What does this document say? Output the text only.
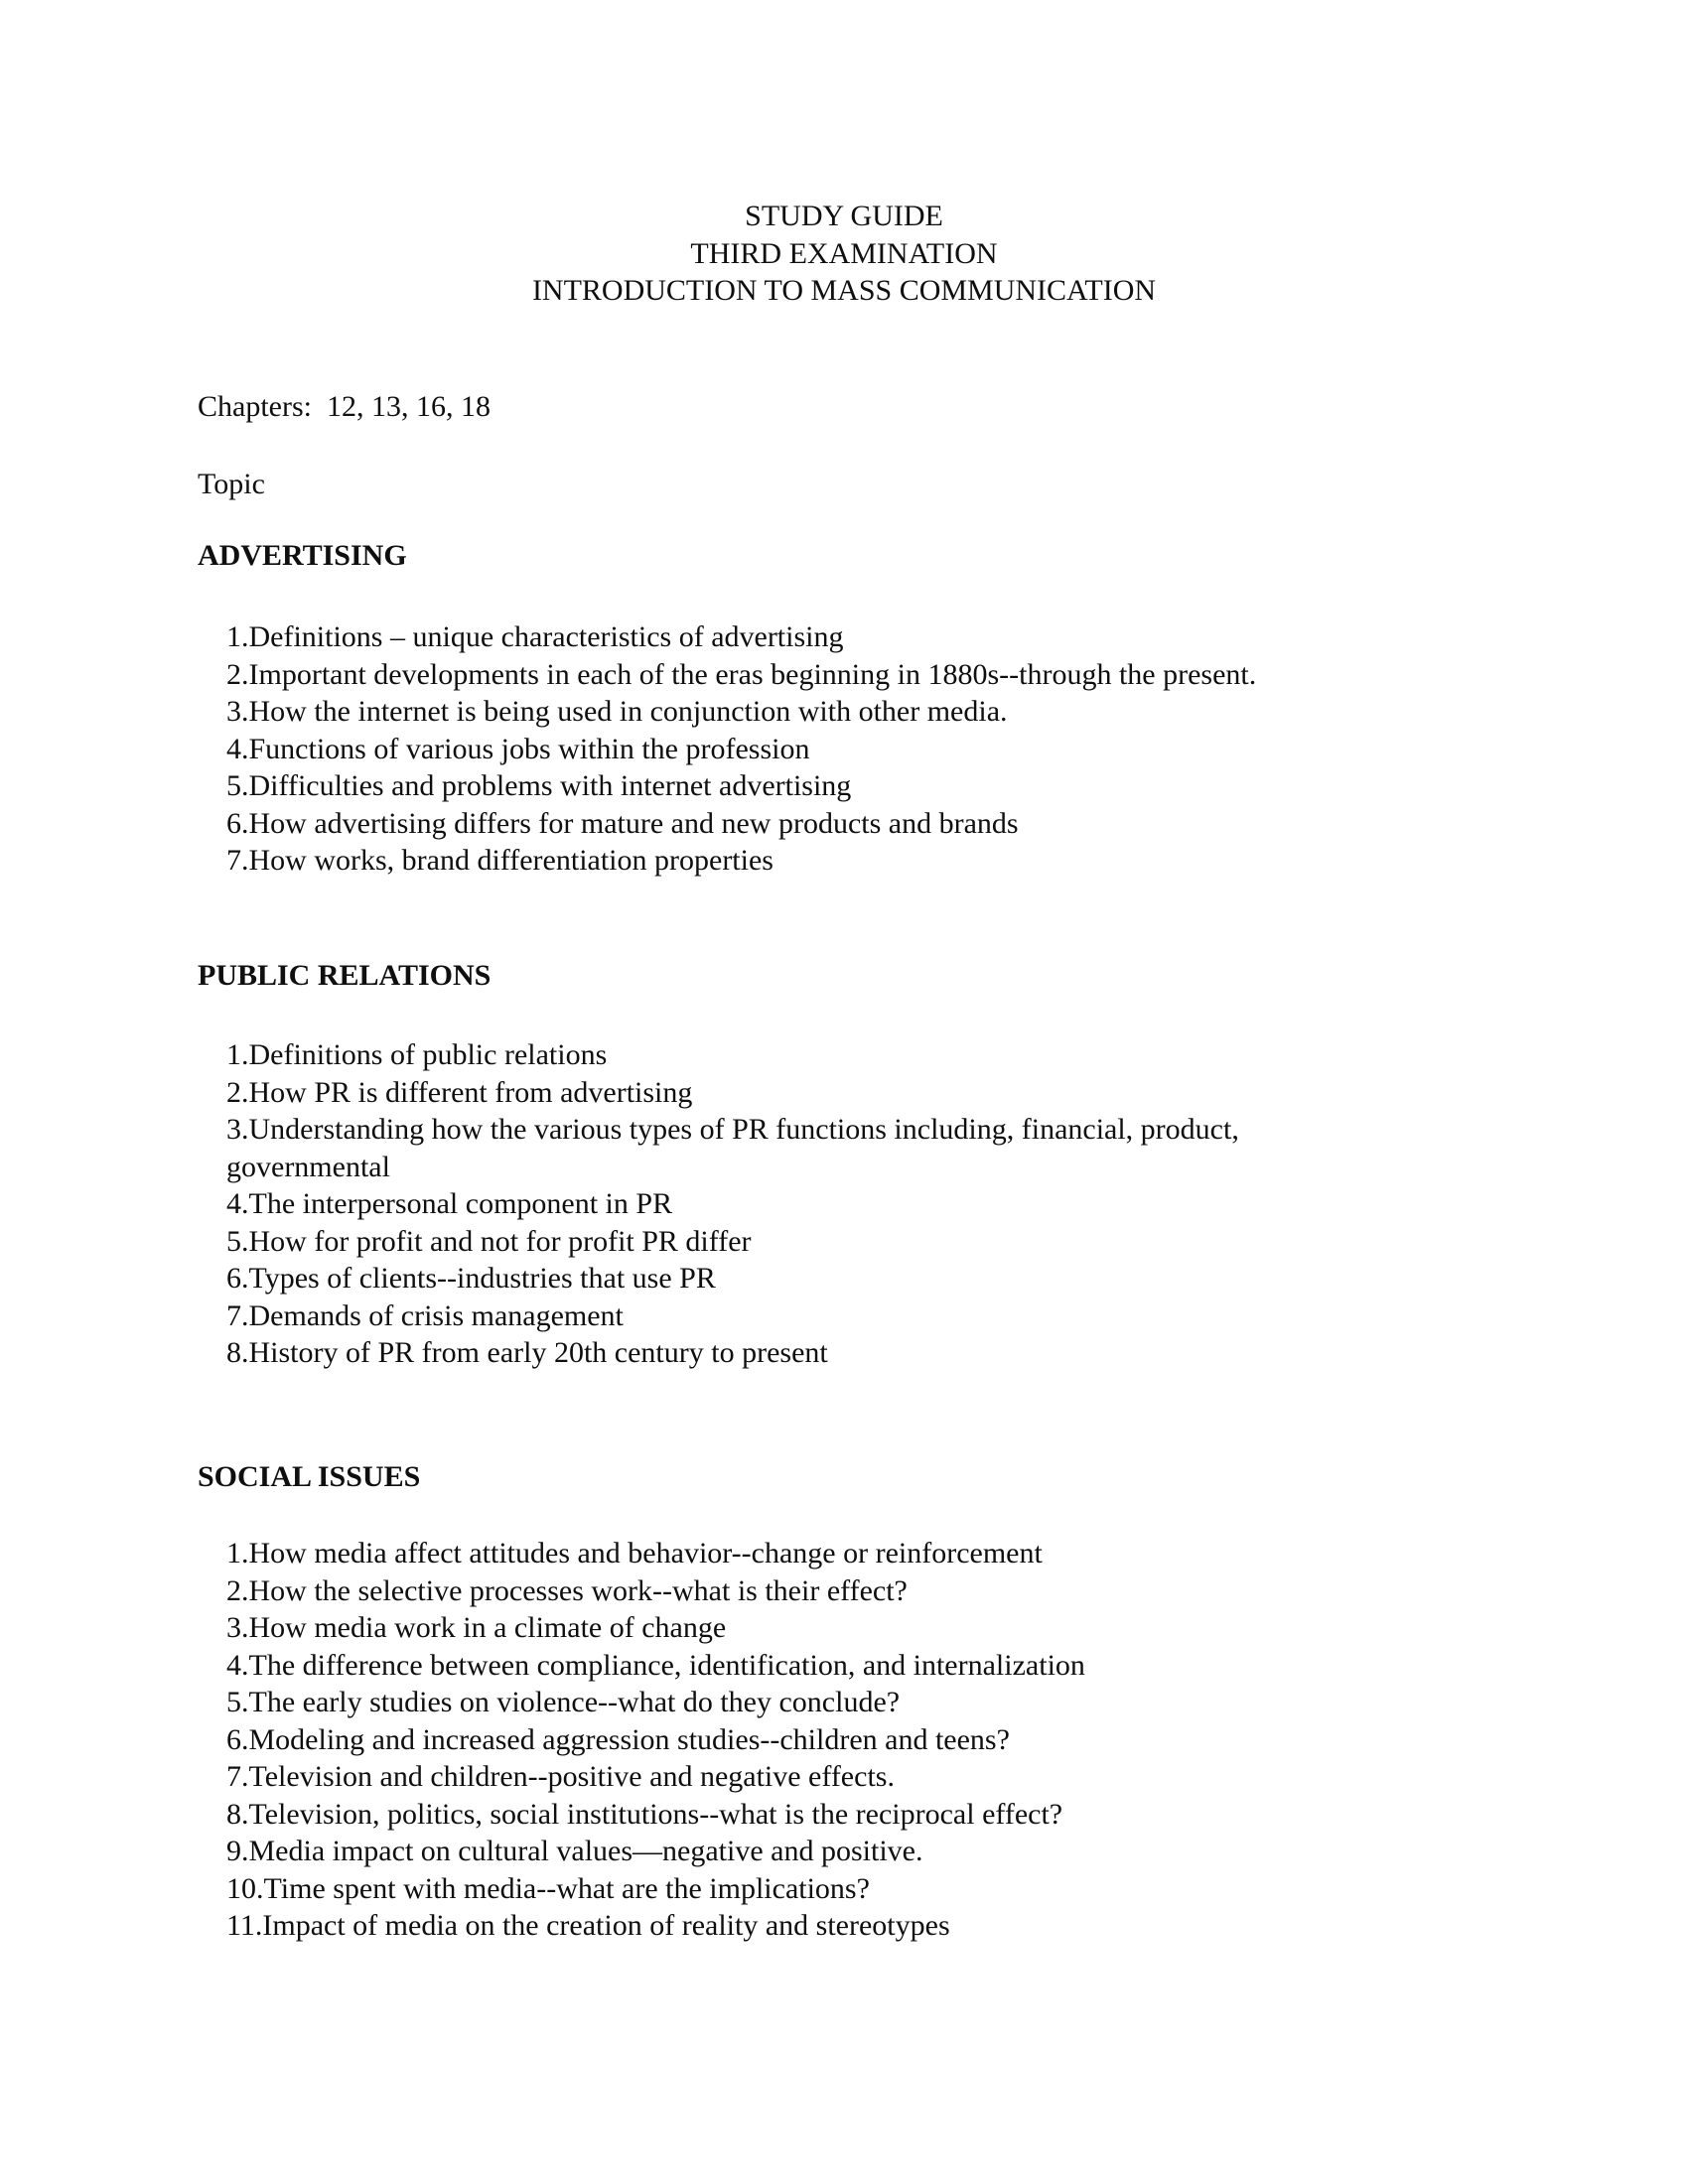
STUDY GUIDE
THIRD EXAMINATION
INTRODUCTION TO MASS COMMUNICATION
Chapters:  12, 13, 16, 18
Topic
ADVERTISING
1.Definitions – unique characteristics of advertising
2.Important developments in each of the eras beginning in 1880s--through the present.
3.How the internet is being used in conjunction with other media.
4.Functions of various jobs within the profession
5.Difficulties and problems with internet advertising
6.How advertising differs for mature and new products and brands
7.How works, brand differentiation properties
PUBLIC RELATIONS
1.Definitions of public relations
2.How PR is different from advertising
3.Understanding how the various types of PR functions including, financial, product,
governmental
4.The interpersonal component in PR
5.How for profit and not for profit PR differ
6.Types of clients--industries that use PR
7.Demands of crisis management
8.History of PR from early 20th century to present
SOCIAL ISSUES
1.How media affect attitudes and behavior--change or reinforcement
2.How the selective processes work--what is their effect?
3.How media work in a climate of change
4.The difference between compliance, identification, and internalization
5.The early studies on violence--what do they conclude?
6.Modeling and increased aggression studies--children and teens?
7.Television and children--positive and negative effects.
8.Television, politics, social institutions--what is the reciprocal effect?
9.Media impact on cultural values—negative and positive.
10.Time spent with media--what are the implications?
11.Impact of media on the creation of reality and stereotypes
